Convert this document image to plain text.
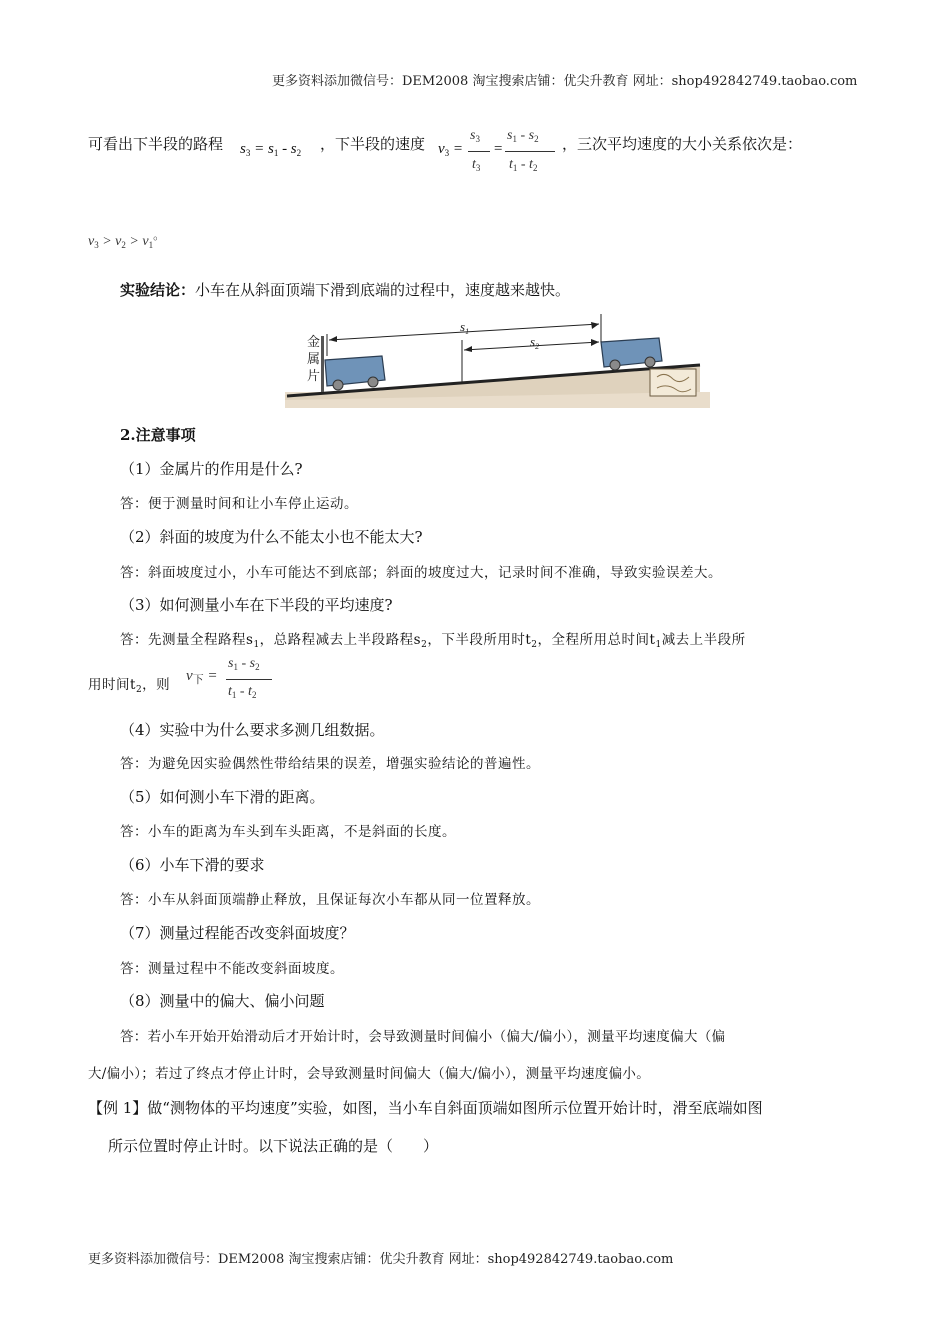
更多资料添加微信号：DEM2008 淘宝搜索店铺：优尖升教育 网址：shop492842749.taobao.com
可看出下半段的路程 $s_3 = s_1 - s_2$ ，下半段的速度 $v_3$ =
$s_3$
$t_3$
=
$s_1 - s_2$
$t_1 - t_2$
，三次平均速度的大小关系依次是：
$v_3 > v_2 > v_1$。
实验结论：小车在从斜面顶端下滑到底端的过程中，速度越来越快。
金
属
片
$s_1$
$s_2$
2.注意事项
（1）金属片的作用是什么?
答：便于测量时间和让小车停止运动。
（2）斜面的坡度为什么不能太小也不能太大?
答：斜面坡度过小，小车可能达不到底部；斜面的坡度过大，记录时间不准确，导致实验误差大。
（3）如何测量小车在下半段的平均速度?
答：先测量全程路程$s_1$，总路程减去上半段路程$s_2$，下半段所用时$t_2$，全程所用总时间$t_1$减去上半段所
用时间$t_2$，则
$v_下$ =
$s_1 - s_2$
$t_1 - t_2$
（4）实验中为什么要求多测几组数据。
答：为避免因实验偶然性带给结果的误差，增强实验结论的普遍性。
（5）如何测小车下滑的距离。
答：小车的距离为车头到车头距离，不是斜面的长度。
（6）小车下滑的要求
答：小车从斜面顶端静止释放，且保证每次小车都从同一位置释放。
（7）测量过程能否改变斜面坡度？
答：测量过程中不能改变斜面坡度。
（8）测量中的偏大、偏小问题
答：若小车开始开始滑动后才开始计时，会导致测量时间偏小（偏大/偏小），测量平均速度偏大（偏
大/偏小）；若过了终点才停止计时，会导致测量时间偏大（偏大/偏小），测量平均速度偏小。
【例 1】做“测物体的平均速度”实验，如图，当小车自斜面顶端如图所示位置开始计时，滑至底端如图
所示位置时停止计时。以下说法正确的是（　　）
更多资料添加微信号：DEM2008 淘宝搜索店铺：优尖升教育 网址：shop492842749.taobao.com
